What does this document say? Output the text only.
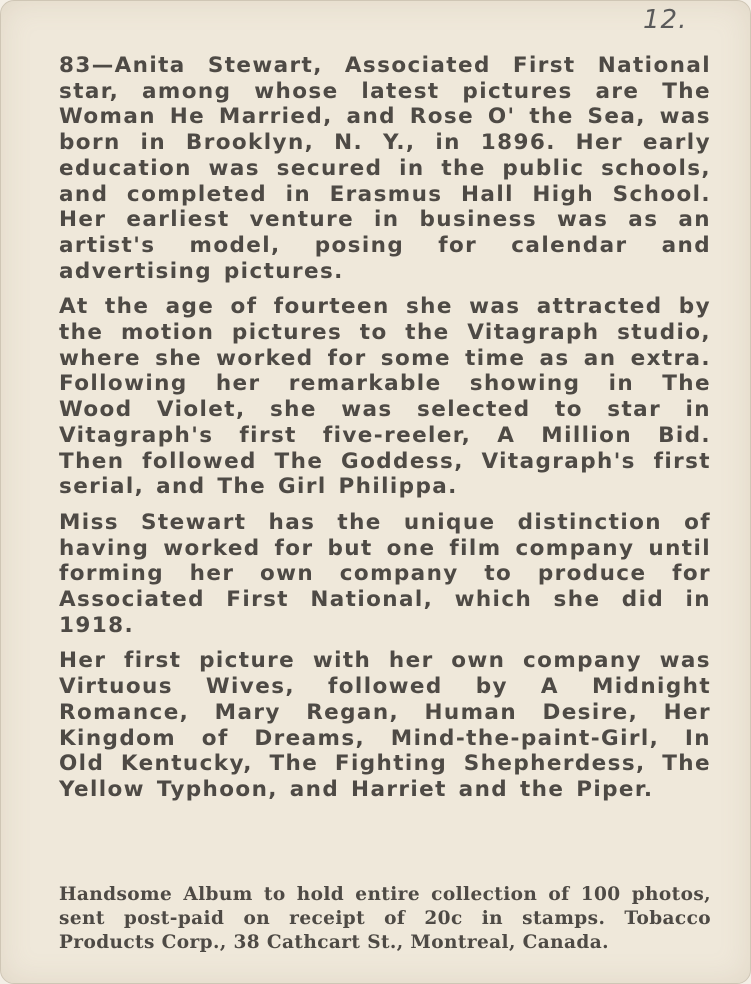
12.

83—Anita Stewart, Associated First National star, among whose latest pictures are The Woman He Married, and Rose O' the Sea, was born in Brooklyn, N. Y., in 1896. Her early education was secured in the public schools, and completed in Erasmus Hall High School. Her earliest venture in business was as an artist's model, posing for calendar and advertising pictures.

At the age of fourteen she was attracted by the motion pictures to the Vitagraph studio, where she worked for some time as an extra. Following her remarkable showing in The Wood Violet, she was selected to star in Vitagraph's first five-reeler, A Million Bid. Then followed The Goddess, Vitagraph's first serial, and The Girl Philippa.

Miss Stewart has the unique distinction of having worked for but one film company until forming her own company to produce for Associated First National, which she did in 1918.

Her first picture with her own company was Virtuous Wives, followed by A Midnight Romance, Mary Regan, Human Desire, Her Kingdom of Dreams, Mind-the-paint-Girl, In Old Kentucky, The Fighting Shepherdess, The Yellow Typhoon, and Harriet and the Piper.

Handsome Album to hold entire collection of 100 photos, sent post-paid on receipt of 20c in stamps. Tobacco Products Corp., 38 Cathcart St., Montreal, Canada.
